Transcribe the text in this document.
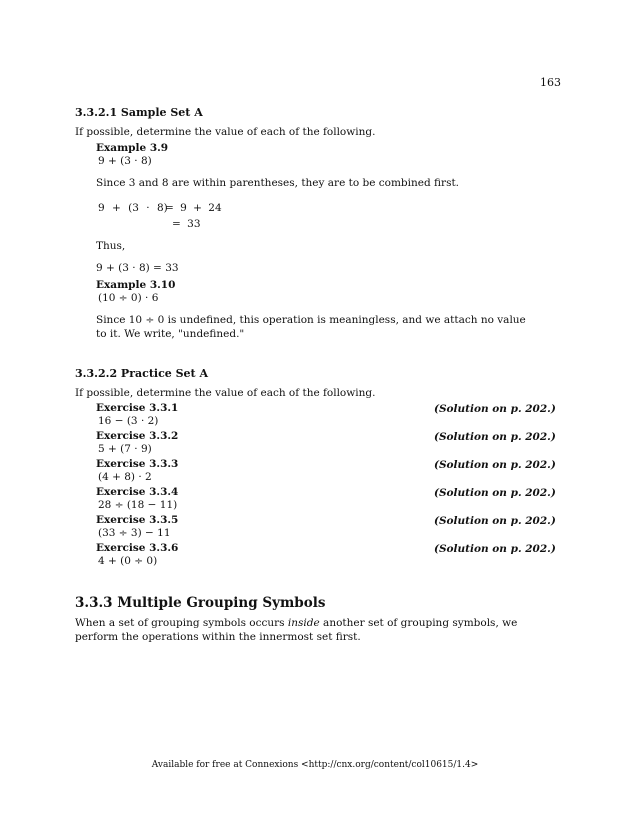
163
3.3.2.1 Sample Set A
If possible, determine the value of each of the following.
Example 3.9
9 + (3 · 8)
Since 3 and 8 are within parentheses, they are to be combined first.
9 + (3 · 8)
= 9 + 24
= 33
Thus,
9 + (3 · 8) = 33
Example 3.10
(10 ÷ 0) · 6
Since 10 ÷ 0 is undefined, this operation is meaningless, and we attach no value to it. We write, "undefined."
3.3.2.2 Practice Set A
If possible, determine the value of each of the following.
Exercise 3.3.1	(Solution on p. 202.)
16 − (3 · 2)
Exercise 3.3.2	(Solution on p. 202.)
5 + (7 · 9)
Exercise 3.3.3	(Solution on p. 202.)
(4 + 8) · 2
Exercise 3.3.4	(Solution on p. 202.)
28 ÷ (18 − 11)
Exercise 3.3.5	(Solution on p. 202.)
(33 ÷ 3) − 11
Exercise 3.3.6	(Solution on p. 202.)
4 + (0 ÷ 0)
3.3.3 Multiple Grouping Symbols
When a set of grouping symbols occurs inside another set of grouping symbols, we perform the operations within the innermost set first.
Available for free at Connexions <http://cnx.org/content/col10615/1.4>
